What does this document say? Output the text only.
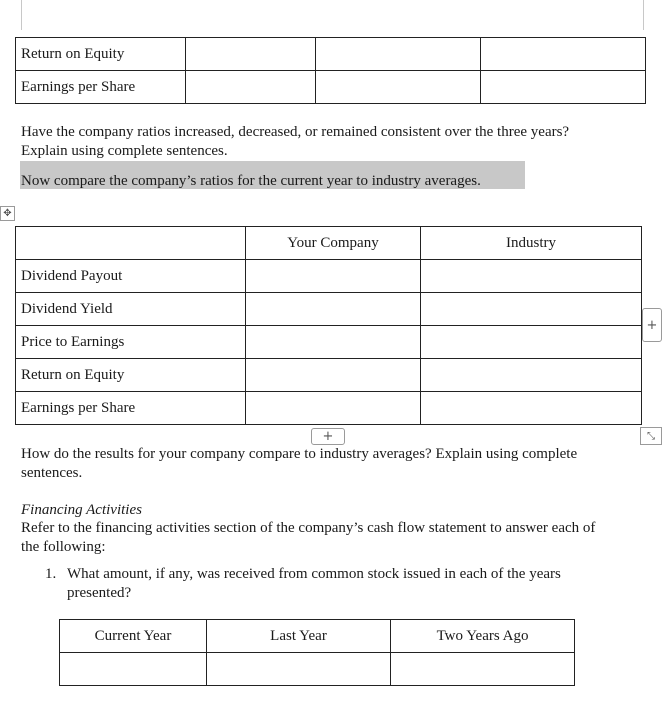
Return on Equity			
Earnings per Share			
Have the company ratios increased, decreased, or remained consistent over the three years?
Explain using complete sentences.
Now compare the company’s ratios for the current year to industry averages.
✥
	Your Company	Industry
Dividend Payout		
Dividend Yield		
Price to Earnings		
Return on Equity		
Earnings per Share		
+
+	⤡
How do the results for your company compare to industry averages? Explain using complete
sentences.
Financing Activities
Refer to the financing activities section of the company’s cash flow statement to answer each of
the following:
1. What amount, if any, was received from common stock issued in each of the years
presented?
Current Year	Last Year	Two Years Ago
